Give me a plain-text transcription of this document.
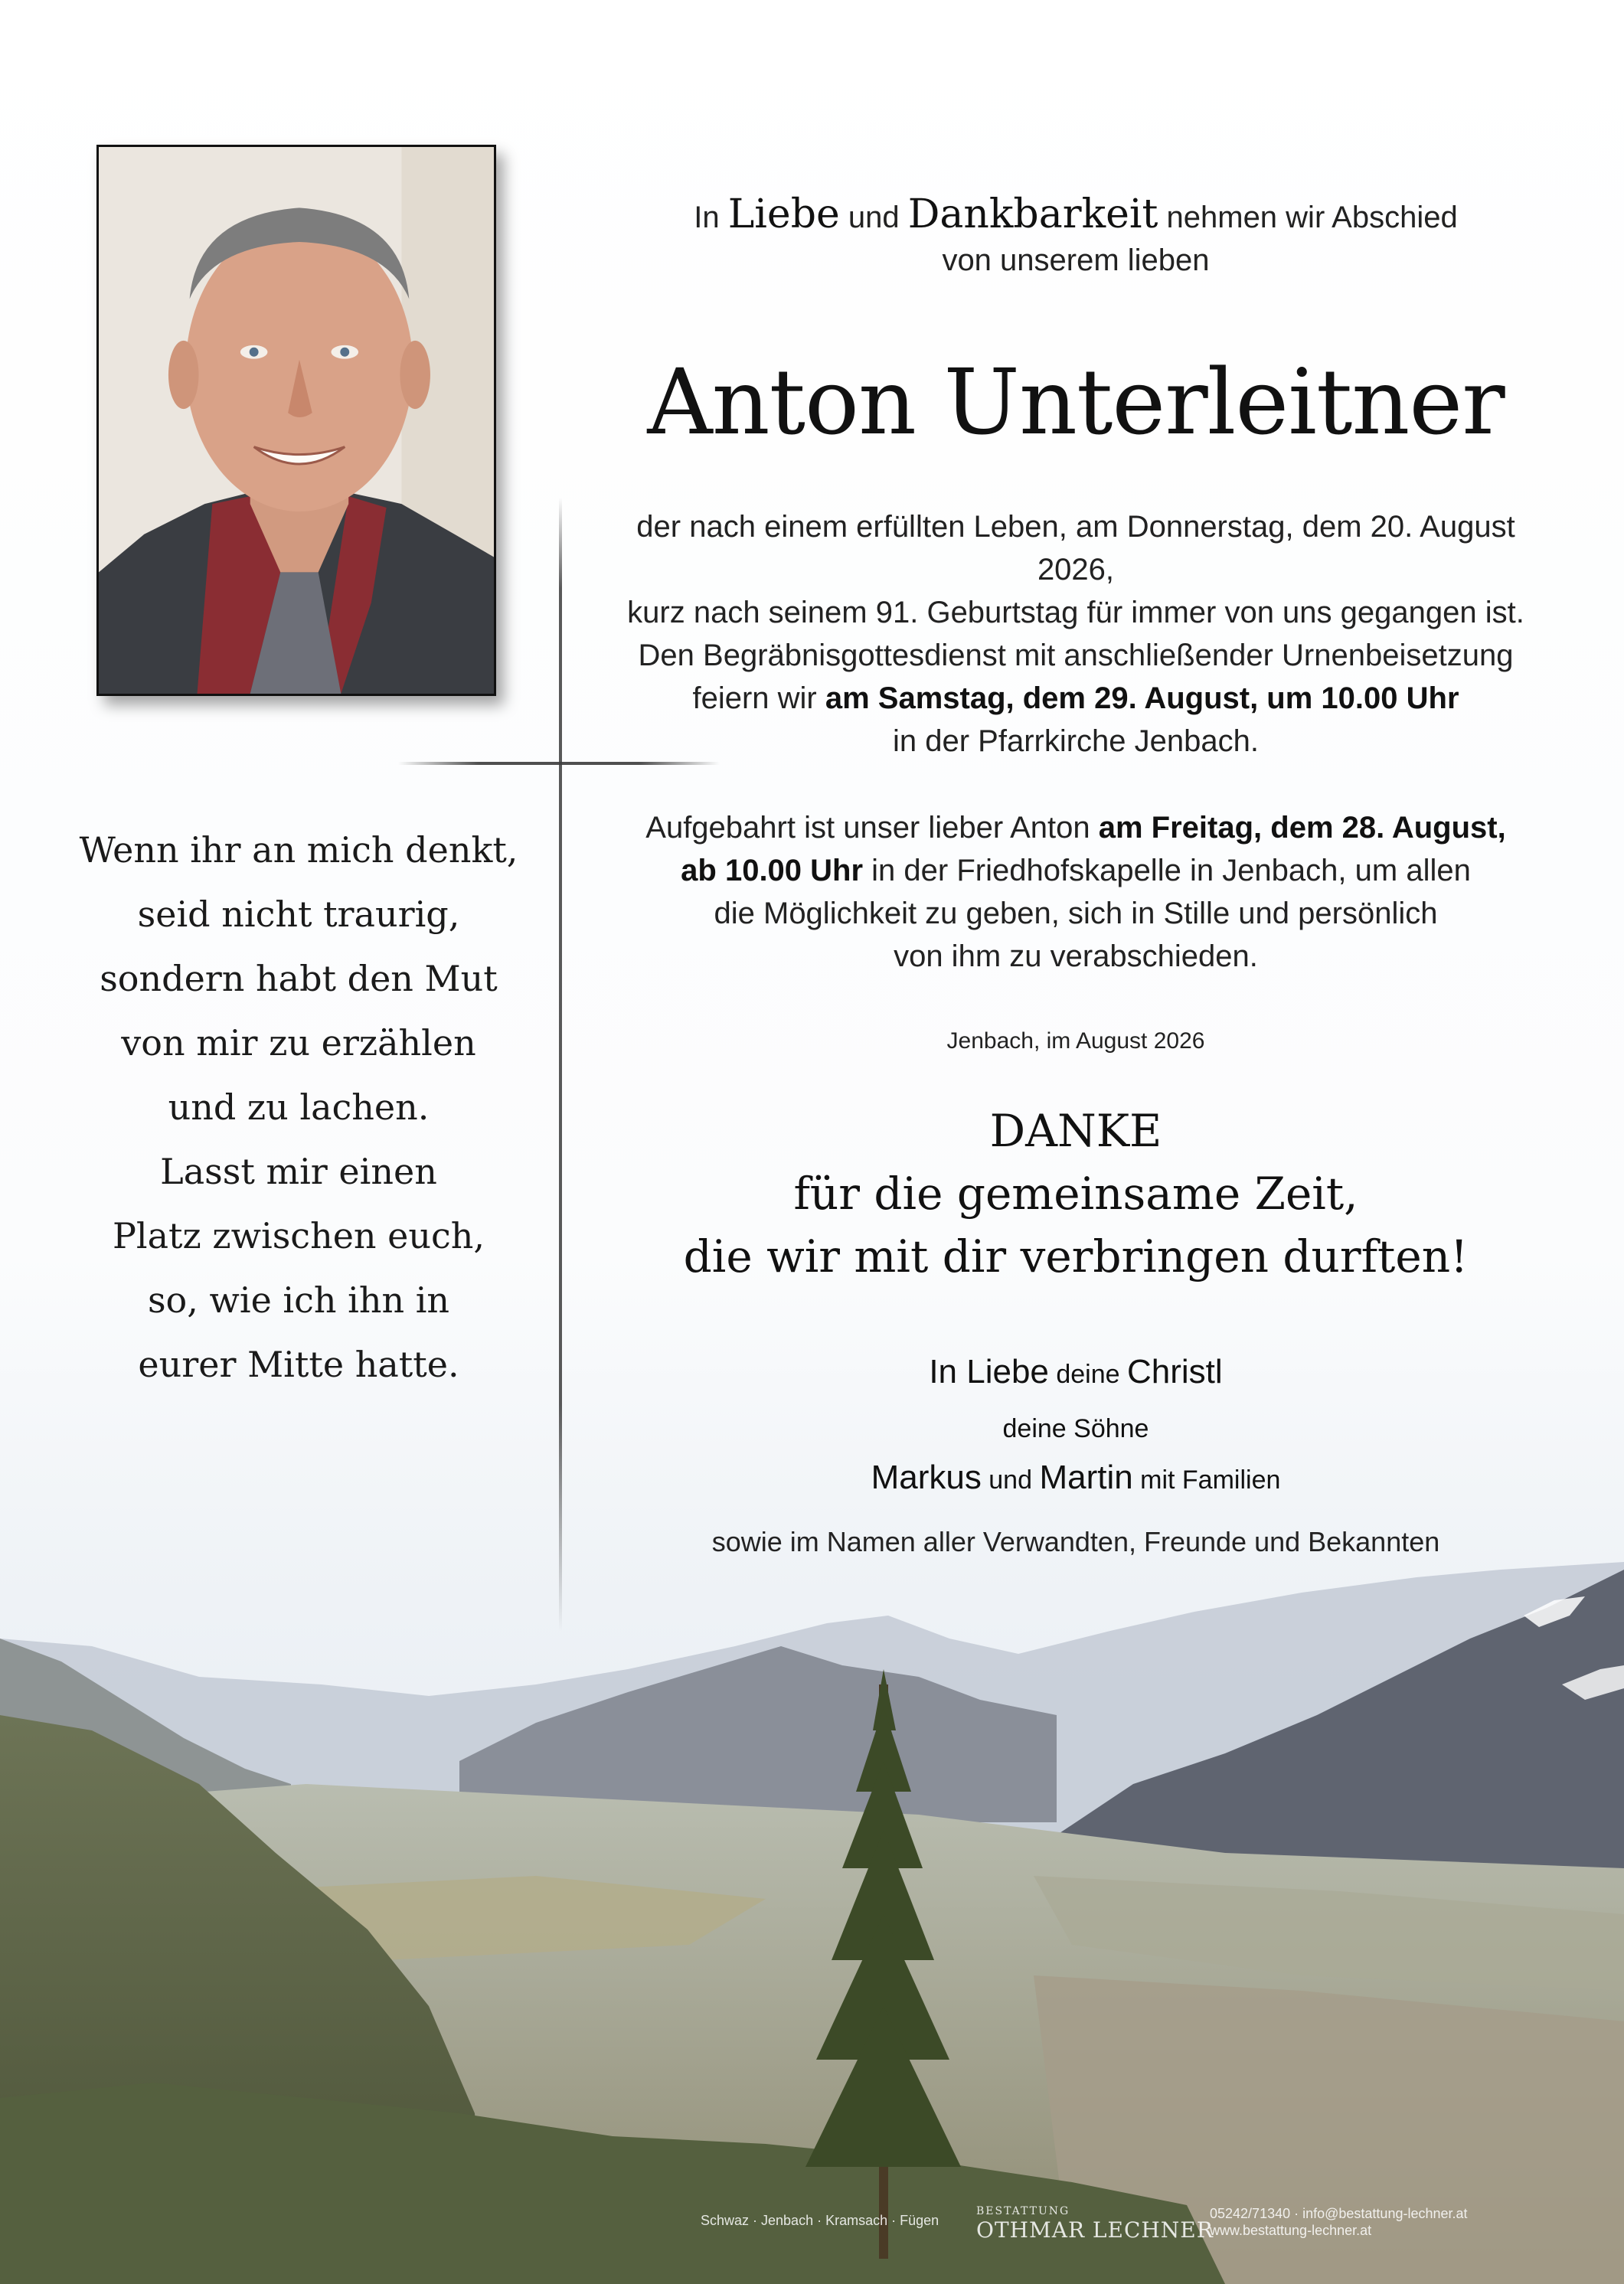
Wenn ihr an mich denkt,
seid nicht traurig,
sondern habt den Mut
von mir zu erzählen
und zu lachen.
Lasst mir einen
Platz zwischen euch,
so, wie ich ihn in
eurer Mitte hatte.
In Liebe und Dankbarkeit nehmen wir Abschied
von unserem lieben
Anton Unterleitner
der nach einem erfüllten Leben, am Donnerstag, dem 20. August 2026,
kurz nach seinem 91. Geburtstag für immer von uns gegangen ist.
Den Begräbnisgottesdienst mit anschließender Urnenbeisetzung
feiern wir am Samstag, dem 29. August, um 10.00 Uhr
in der Pfarrkirche Jenbach.
Aufgebahrt ist unser lieber Anton am Freitag, dem 28. August,
ab 10.00 Uhr in der Friedhofskapelle in Jenbach, um allen
die Möglichkeit zu geben, sich in Stille und persönlich
von ihm zu verabschieden.
Jenbach, im August 2026
DANKE
für die gemeinsame Zeit,
die wir mit dir verbringen durften!
In Liebe deine Christl
deine Söhne
Markus und Martin mit Familien
sowie im Namen aller Verwandten, Freunde und Bekannten
Schwaz · Jenbach · Kramsach · Fügen
BESTATTUNG
OTHMAR LECHNER
05242/71340 · info@bestattung-lechner.at
www.bestattung-lechner.at
